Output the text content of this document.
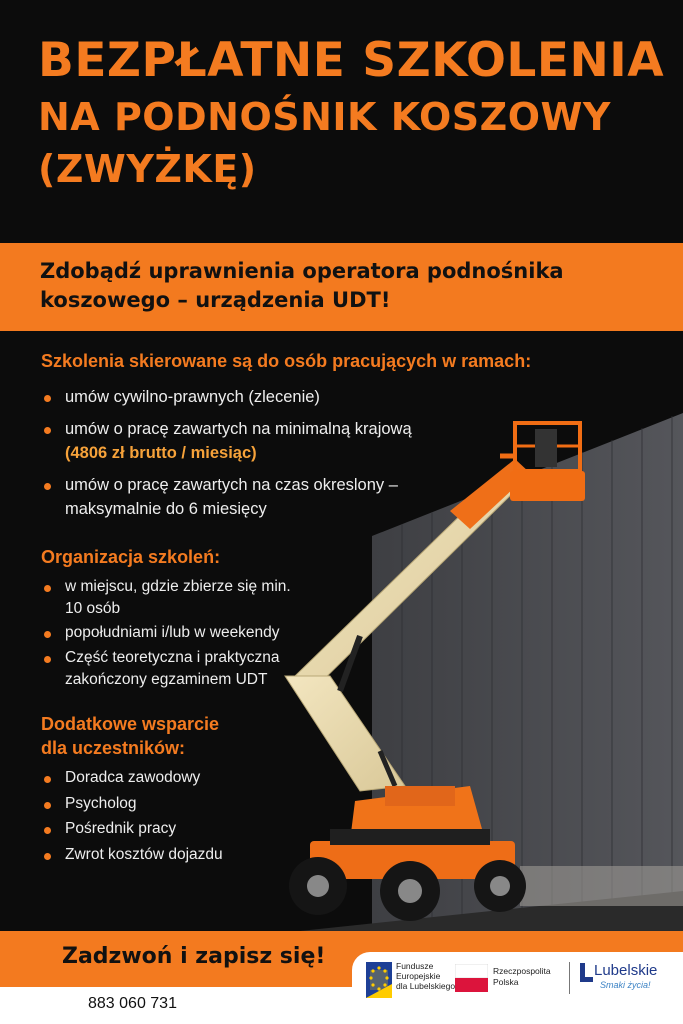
BEZPŁATNE SZKOLENIA
NA PODNOŚNIK KOSZOWY
(ZWYŻKĘ)
Zdobądź uprawnienia operatora podnośnika
koszowego – urządzenia UDT!
Szkolenia skierowane są do osób pracujących w ramach:
umów cywilno-prawnych (zlecenie)
umów o pracę zawartych na minimalną krajową
(4806 zł brutto / miesiąc)
umów o pracę zawartych na czas okreslony –
maksymalnie do 6 miesięcy
Organizacja szkoleń:
w miejscu, gdzie zbierze się min.
10 osób
popołudniami i/lub w weekendy
Część teoretyczna i praktyczna
zakończony egzaminem UDT
Dodatkowe wsparcie
dla uczestników:
Doradca zawodowy
Psycholog
Pośrednik pracy
Zwrot kosztów dojazdu
Zadzwoń i zapisz się!
883 060 731
Fundusze
Europejskie
dla Lubelskiego
Rzeczpospolita
Polska
Lubelskie
Smaki życia!
